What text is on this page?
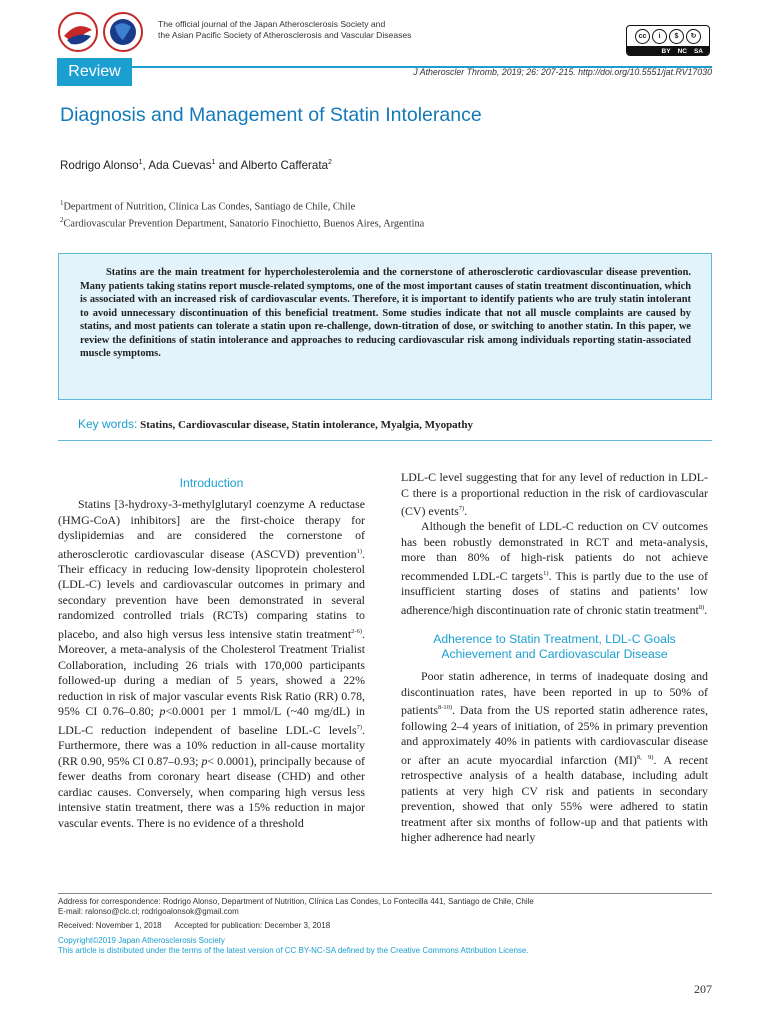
The official journal of the Japan Atherosclerosis Society and
the Asian Pacific Society of Atherosclerosis and Vascular Diseases	cc	i	$	↻
BY NC SA
Review	J Atheroscler Thromb, 2019; 26: 207-215. http://doi.org/10.5551/jat.RV17030
Diagnosis and Management of Statin Intolerance
Rodrigo Alonso$^1$, Ada Cuevas$^1$ and Alberto Cafferata$^2$
$^1$Department of Nutrition, Clínica Las Condes, Santiago de Chile, Chile
$^2$Cardiovascular Prevention Department, Sanatorio Finochietto, Buenos Aires, Argentina

Statins are the main treatment for hypercholesterolemia and the cornerstone of atherosclerotic cardiovascular disease prevention. Many patients taking statins report muscle-related symptoms, one of the most important causes of statin treatment discontinuation, which is associated with an increased risk of cardiovascular events. Therefore, it is important to identify patients who are truly statin intolerant to avoid unnecessary discontinuation of this beneficial treatment. Some studies indicate that not all muscle complaints are caused by statins, and most patients can tolerate a statin upon re-challenge, down-titration of dose, or switching to another statin. In this paper, we review the definitions of statin intolerance and approaches to reducing cardiovascular risk among individuals reporting statin-associated muscle symptoms.

Key words: Statins, Cardiovascular disease, Statin intolerance, Myalgia, Myopathy
Introduction

Statins [3-hydroxy-3-methylglutaryl coenzyme A reductase (HMG-CoA) inhibitors] are the first-choice therapy for dyslipidemias and are considered the cornerstone of atherosclerotic cardiovascular disease (ASCVD) prevention$^{1)}$. Their efficacy in reducing low-density lipoprotein cholesterol (LDL-C) levels and cardiovascular outcomes in primary and secondary prevention have been demonstrated in several randomized controlled trials (RCTs) comparing statins to placebo, and also high versus less intensive statin treatment$^{2-6)}$. Moreover, a meta-analysis of the Cholesterol Treatment Trialist Collaboration, including 26 trials with 170,000 participants followed-up during a median of 5 years, showed a 22% reduction in risk of major vascular events Risk Ratio (RR) 0.78, 95% CI 0.76–0.80; p<0.0001 per 1 mmol/L (~40 mg/dL) in LDL-C reduction independent of baseline LDL-C levels$^{7)}$. Furthermore, there was a 10% reduction in all-cause mortality (RR 0.90, 95% CI 0.87–0.93; p< 0.0001), principally because of fewer deaths from coronary heart disease (CHD) and other cardiac causes. Conversely, when comparing high versus less intensive statin treatment, there was a 15% reduction in major vascular events. There is no evidence of a threshold

LDL-C level suggesting that for any level of reduction in LDL-C there is a proportional reduction in the risk of cardiovascular (CV) events$^{7)}$.

Although the benefit of LDL-C reduction on CV outcomes has been robustly demonstrated in RCT and meta-analysis, more than 80% of high-risk patients do not achieve recommended LDL-C targets$^{1)}$. This is partly due to the use of insufficient starting doses of statins and patients’ low adherence/high discontinuation rate of chronic statin treatment$^{8)}$.

Adherence to Statin Treatment, LDL-C Goals
Achievement and Cardiovascular Disease

Poor statin adherence, in terms of inadequate dosing and discontinuation rates, have been reported in up to 50% of patients$^{8-10)}$. Data from the US reported statin adherence rates, following 2–4 years of initiation, of 25% in primary prevention and approximately 40% in patients with cardiovascular disease or after an acute myocardial infarction (MI)$^{8, 9)}$. A recent retrospective analysis of a health database, including adult patients at very high CV risk and patients in secondary prevention, showed that only 55% were adhered to statin treatment after six months of follow-up and that patients with higher adherence had nearly

Address for correspondence: Rodrigo Alonso, Department of Nutrition, Clínica Las Condes, Lo Fontecilla 441, Santiago de Chile, Chile
E-mail: ralonso@clc.cl; rodrigoalonsok@gmail.com
Received: November 1, 2018      Accepted for publication: December 3, 2018
Copyright©2019 Japan Atherosclerosis Society
This article is distributed under the terms of the latest version of CC BY-NC-SA defined by the Creative Commons Attribution License.
207
